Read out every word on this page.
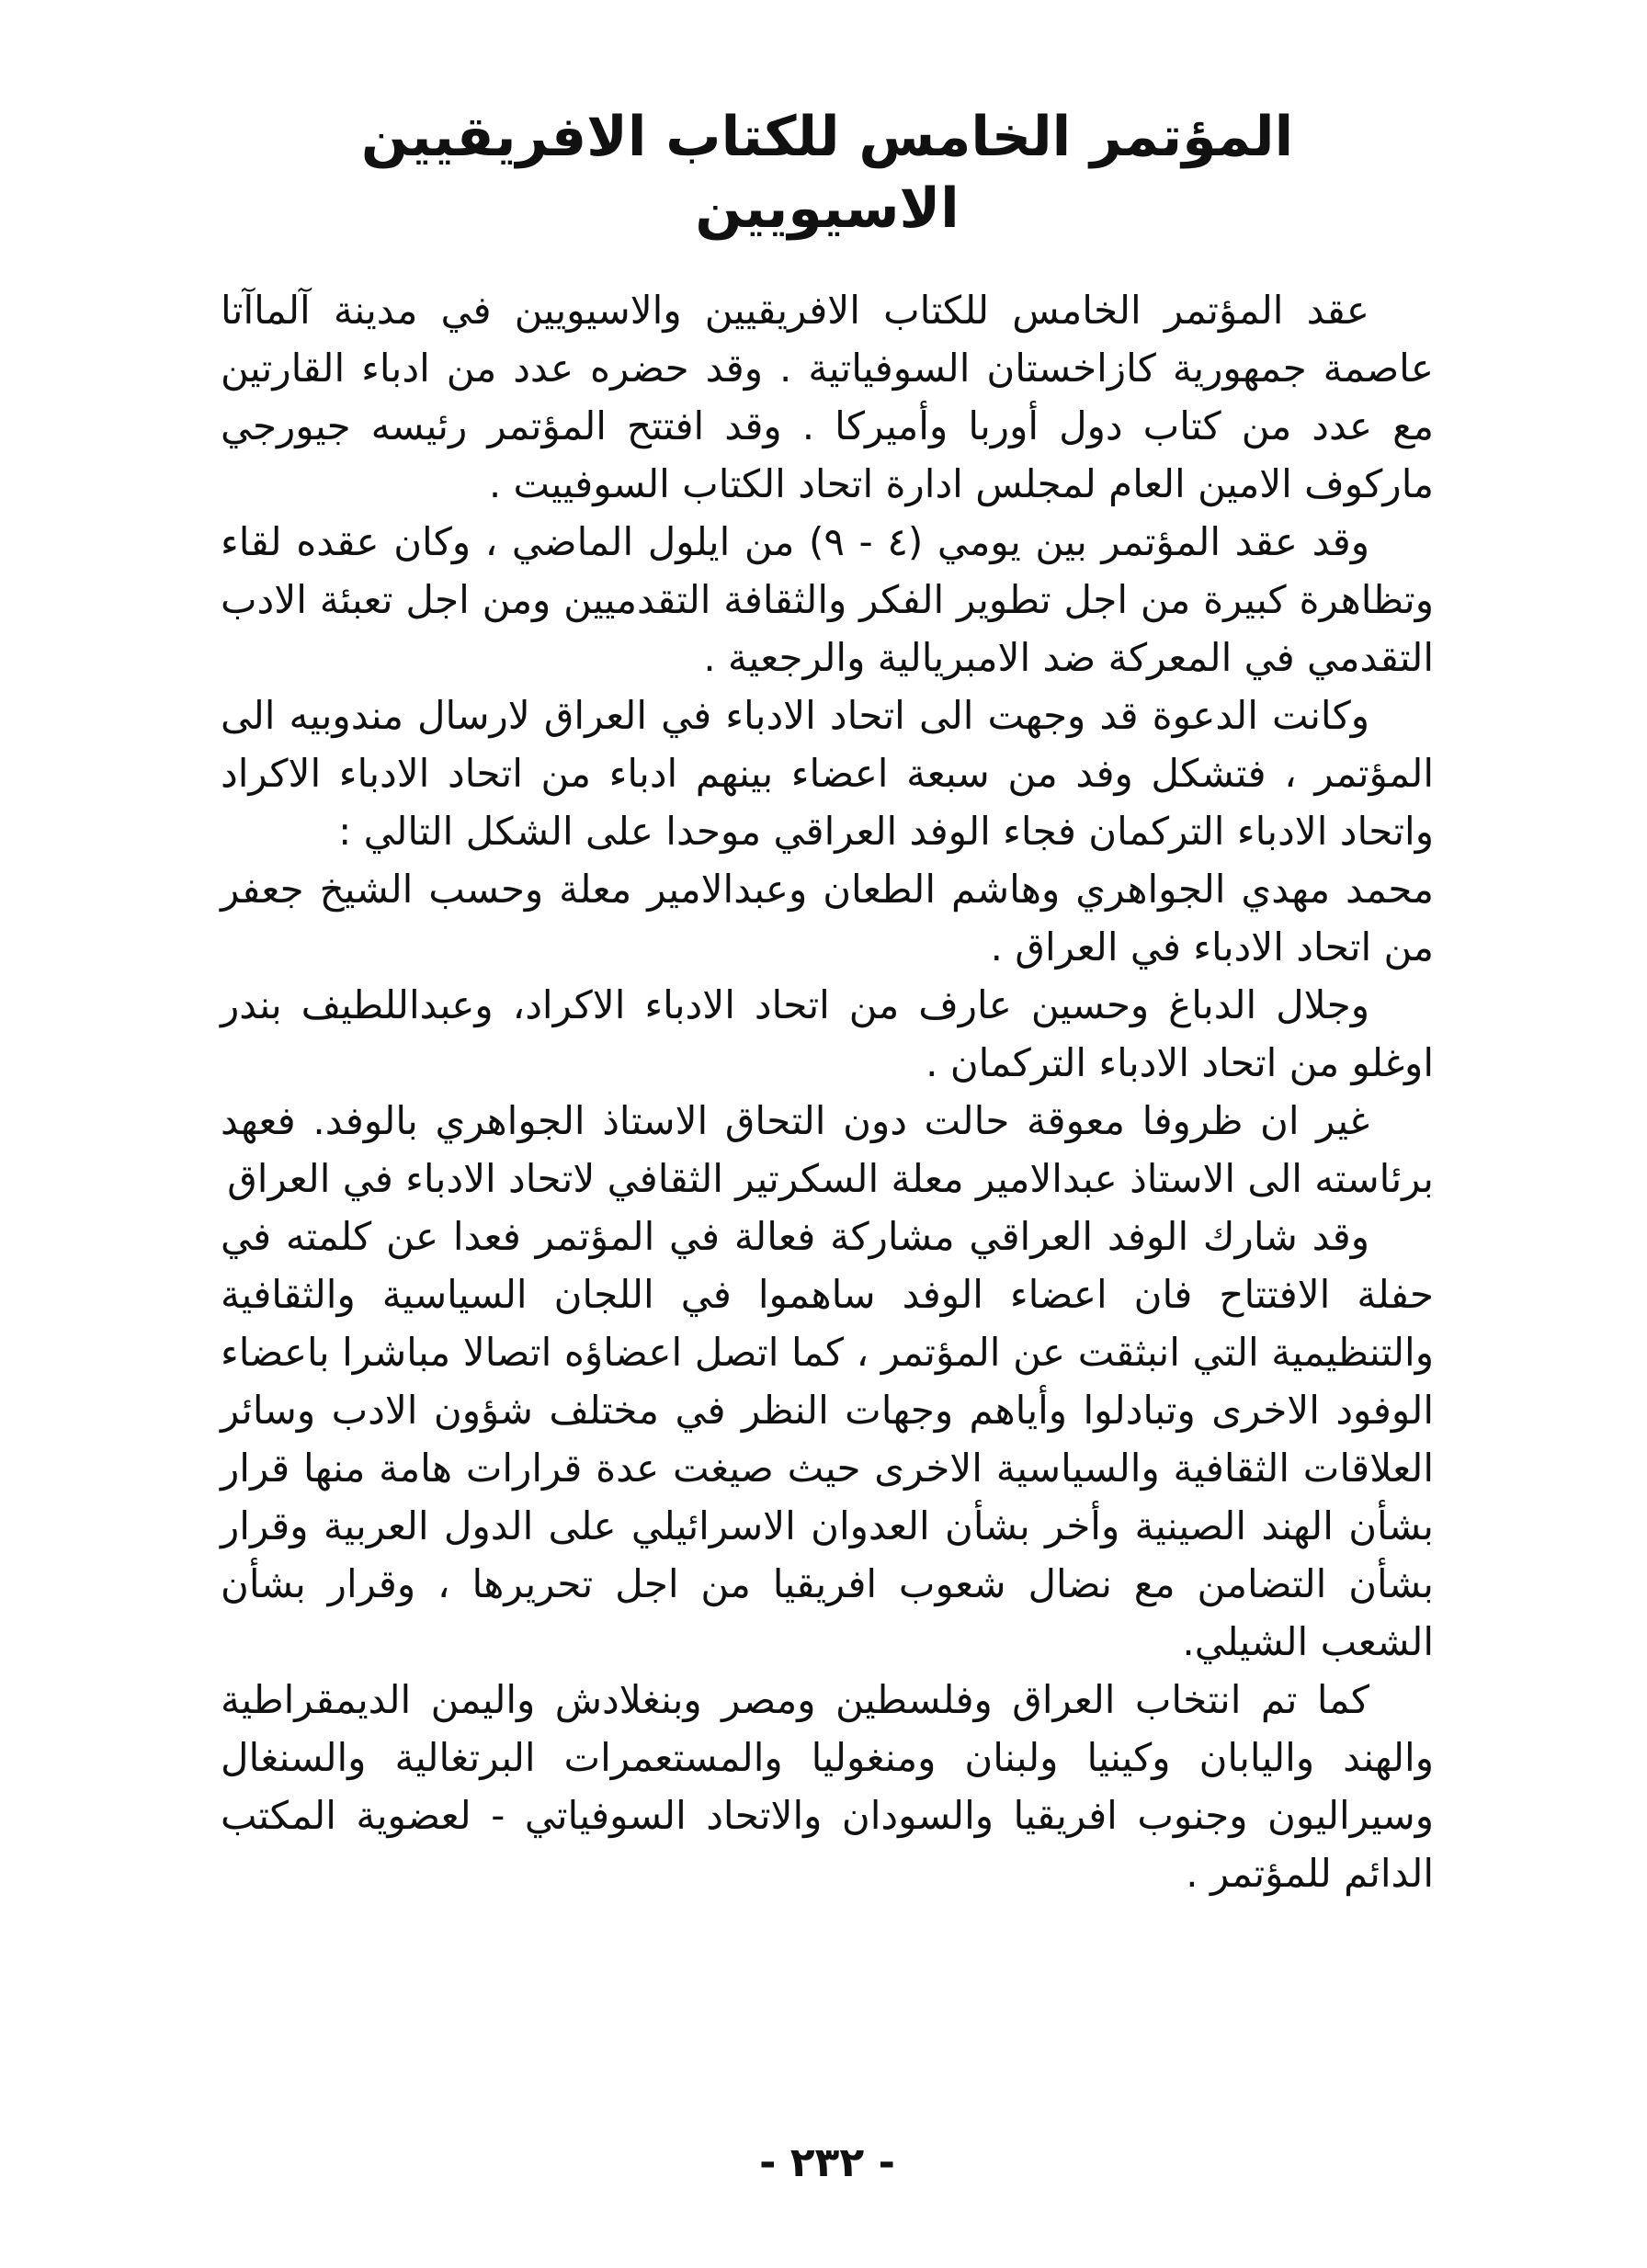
المؤتمر الخامس للكتاب الافريقيين الاسيويين

عقد المؤتمر الخامس للكتاب الافريقيين والاسيويين في مدينة آلماآتا عاصمة جمهورية كازاخستان السوفياتية . وقد حضره عدد من ادباء القارتين مع عدد من كتاب دول أوربا وأميركا . وقد افتتح المؤتمر رئيسه جيورجي ماركوف الامين العام لمجلس ادارة اتحاد الكتاب السوفييت .

وقد عقد المؤتمر بين يومي (٤ - ٩) من ايلول الماضي ، وكان عقده لقاء وتظاهرة كبيرة من اجل تطوير الفكر والثقافة التقدميين ومن اجل تعبئة الادب التقدمي في المعركة ضد الامبريالية والرجعية .

وكانت الدعوة قد وجهت الى اتحاد الادباء في العراق لارسال مندوبيه الى المؤتمر ، فتشكل وفد من سبعة اعضاء بينهم ادباء من اتحاد الادباء الاكراد واتحاد الادباء التركمان فجاء الوفد العراقي موحدا على الشكل التالي :

محمد مهدي الجواهري وهاشم الطعان وعبدالامير معلة وحسب الشيخ جعفر من اتحاد الادباء في العراق .

وجلال الدباغ وحسين عارف من اتحاد الادباء الاكراد، وعبداللطيف بندر اوغلو من اتحاد الادباء التركمان .

غير ان ظروفا معوقة حالت دون التحاق الاستاذ الجواهري بالوفد. فعهد برئاسته الى الاستاذ عبدالامير معلة السكرتير الثقافي لاتحاد الادباء في العراق

وقد شارك الوفد العراقي مشاركة فعالة في المؤتمر فعدا عن كلمته في حفلة الافتتاح فان اعضاء الوفد ساهموا في اللجان السياسية والثقافية والتنظيمية التي انبثقت عن المؤتمر ، كما اتصل اعضاؤه اتصالا مباشرا باعضاء الوفود الاخرى وتبادلوا وأياهم وجهات النظر في مختلف شؤون الادب وسائر العلاقات الثقافية والسياسية الاخرى حيث صيغت عدة قرارات هامة منها قرار بشأن الهند الصينية وأخر بشأن العدوان الاسرائيلي على الدول العربية وقرار بشأن التضامن مع نضال شعوب افريقيا من اجل تحريرها ، وقرار بشأن الشعب الشيلي.

كما تم انتخاب العراق وفلسطين ومصر وبنغلادش واليمن الديمقراطية والهند واليابان وكينيا ولبنان ومنغوليا والمستعمرات البرتغالية والسنغال وسيراليون وجنوب افريقيا والسودان والاتحاد السوفياتي - لعضوية المكتب الدائم للمؤتمر .

- ٢٣٢ -
